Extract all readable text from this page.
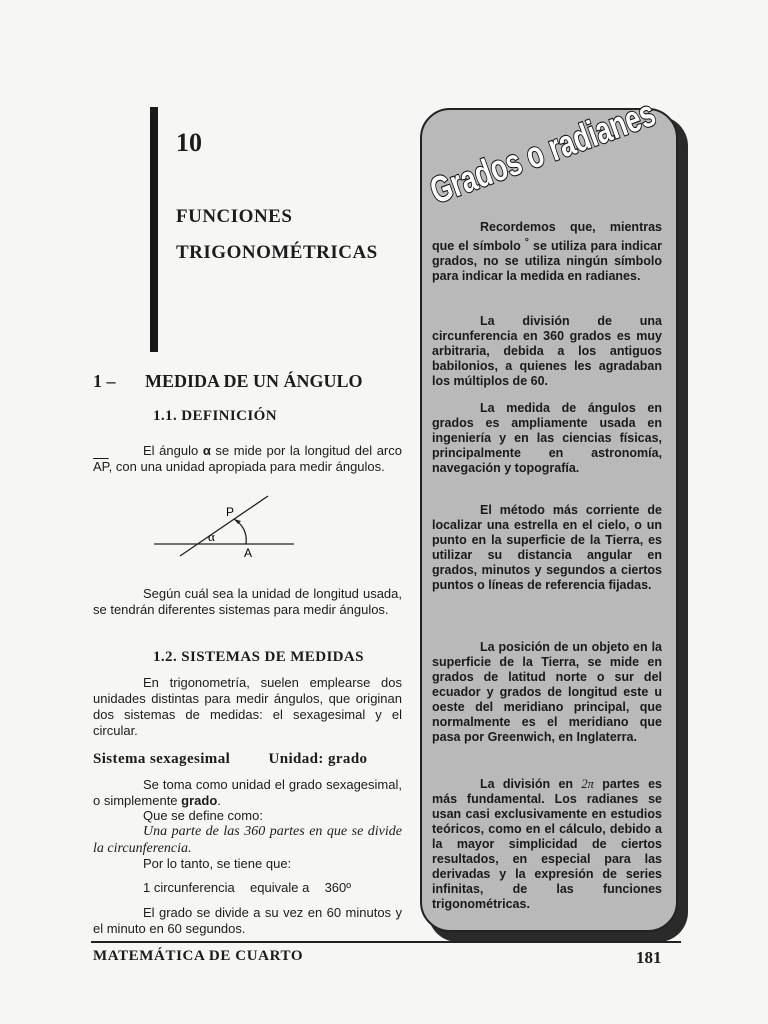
10
FUNCIONES
TRIGONOMÉTRICAS
1 – MEDIDA DE UN ÁNGULO
1.1. DEFINICIÓN

El ángulo α se mide por la longitud del arco $\overline{AP}$, con una unidad apropiada para medir ángulos.

P
A
α

Según cuál sea la unidad de longitud usada, se tendrán diferentes sistemas para medir ángulos.

1.2. SISTEMAS DE MEDIDAS

En trigonometría, suelen emplearse dos unidades distintas para medir ángulos, que originan dos sistemas de medidas: el sexagesimal y el circular.

Sistema sexagesimal	Unidad: grado

Se toma como unidad el grado sexagesimal, o simplemente grado.

Que se define como:

Una parte de las 360 partes en que se divide la circunferencia.

Por lo tanto, se tiene que:

1 circunferencia equivale a 360º

El grado se divide a su vez en 60 minutos y el minuto en 60 segundos.

Grados o radianes
Recordemos que, mientras que el símbolo ° se utiliza para indicar grados, no se utiliza ningún símbolo para indicar la medida en radianes.
La división de una circunferencia en 360 grados es muy arbitraria, debida a los antiguos babilonios, a quienes les agradaban los múltiplos de 60.
La medida de ángulos en grados es ampliamente usada en ingeniería y en las ciencias físicas, principalmente en astronomía, navegación y topografía.
El método más corriente de localizar una estrella en el cielo, o un punto en la superficie de la Tierra, es utilizar su distancia angular en grados, minutos y segundos a ciertos puntos o líneas de referencia fijadas.
La posición de un objeto en la superficie de la Tierra, se mide en grados de latitud norte o sur del ecuador y grados de longitud este u oeste del meridiano principal, que normalmente es el meridiano que pasa por Greenwich, en Inglaterra.
La división en 2π partes es más fundamental. Los radianes se usan casi exclusivamente en estudios teóricos, como en el cálculo, debido a la mayor simplicidad de ciertos resultados, en especial para las derivadas y la expresión de series infinitas, de las funciones trigonométricas.
MATEMÁTICA DE CUARTO	181
